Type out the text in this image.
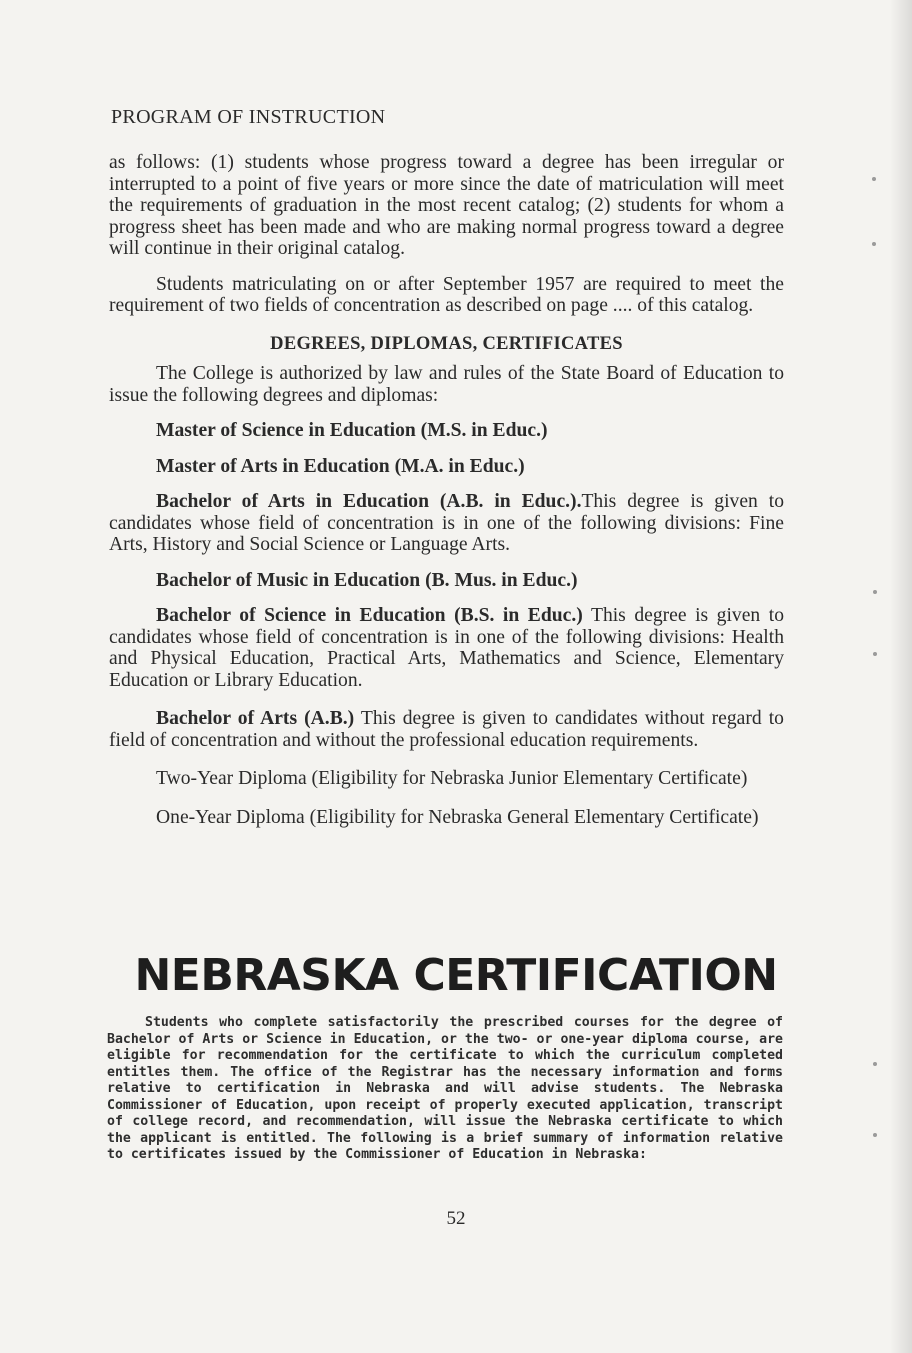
PROGRAM OF INSTRUCTION

as follows: (1) students whose progress toward a degree has been irregular or interrupted to a point of five years or more since the date of matriculation will meet the requirements of graduation in the most recent catalog; (2) students for whom a progress sheet has been made and who are making normal progress toward a degree will continue in their original catalog.

Students matriculating on or after September 1957 are required to meet the requirement of two fields of concentration as described on page .... of this catalog.

DEGREES, DIPLOMAS, CERTIFICATES

The College is authorized by law and rules of the State Board of Education to issue the following degrees and diplomas:

Master of Science in Education (M.S. in Educ.)

Master of Arts in Education (M.A. in Educ.)

Bachelor of Arts in Education (A.B. in Educ.).This degree is given to candidates whose field of concentration is in one of the following divisions: Fine Arts, History and Social Science or Language Arts.

Bachelor of Music in Education (B. Mus. in Educ.)

Bachelor of Science in Education (B.S. in Educ.) This degree is given to candidates whose field of concentration is in one of the following divisions: Health and Physical Education, Practical Arts, Mathematics and Science, Elementary Education or Library Education.

Bachelor of Arts (A.B.) This degree is given to candidates without regard to field of concentration and without the professional education requirements.

Two-Year Diploma (Eligibility for Nebraska Junior Elementary Certificate)

One-Year Diploma (Eligibility for Nebraska General Elementary Certificate)

NEBRASKA CERTIFICATION

Students who complete satisfactorily the prescribed courses for the degree of Bachelor of Arts or Science in Education, or the two- or one-year diploma course, are eligible for recommendation for the certificate to which the curriculum completed entitles them. The office of the Registrar has the necessary information and forms relative to certification in Nebraska and will advise students. The Nebraska Commissioner of Education, upon receipt of properly executed application, transcript of college record, and recommendation, will issue the Nebraska certificate to which the applicant is entitled. The following is a brief summary of information relative to certificates issued by the Commissioner of Education in Nebraska:

52
